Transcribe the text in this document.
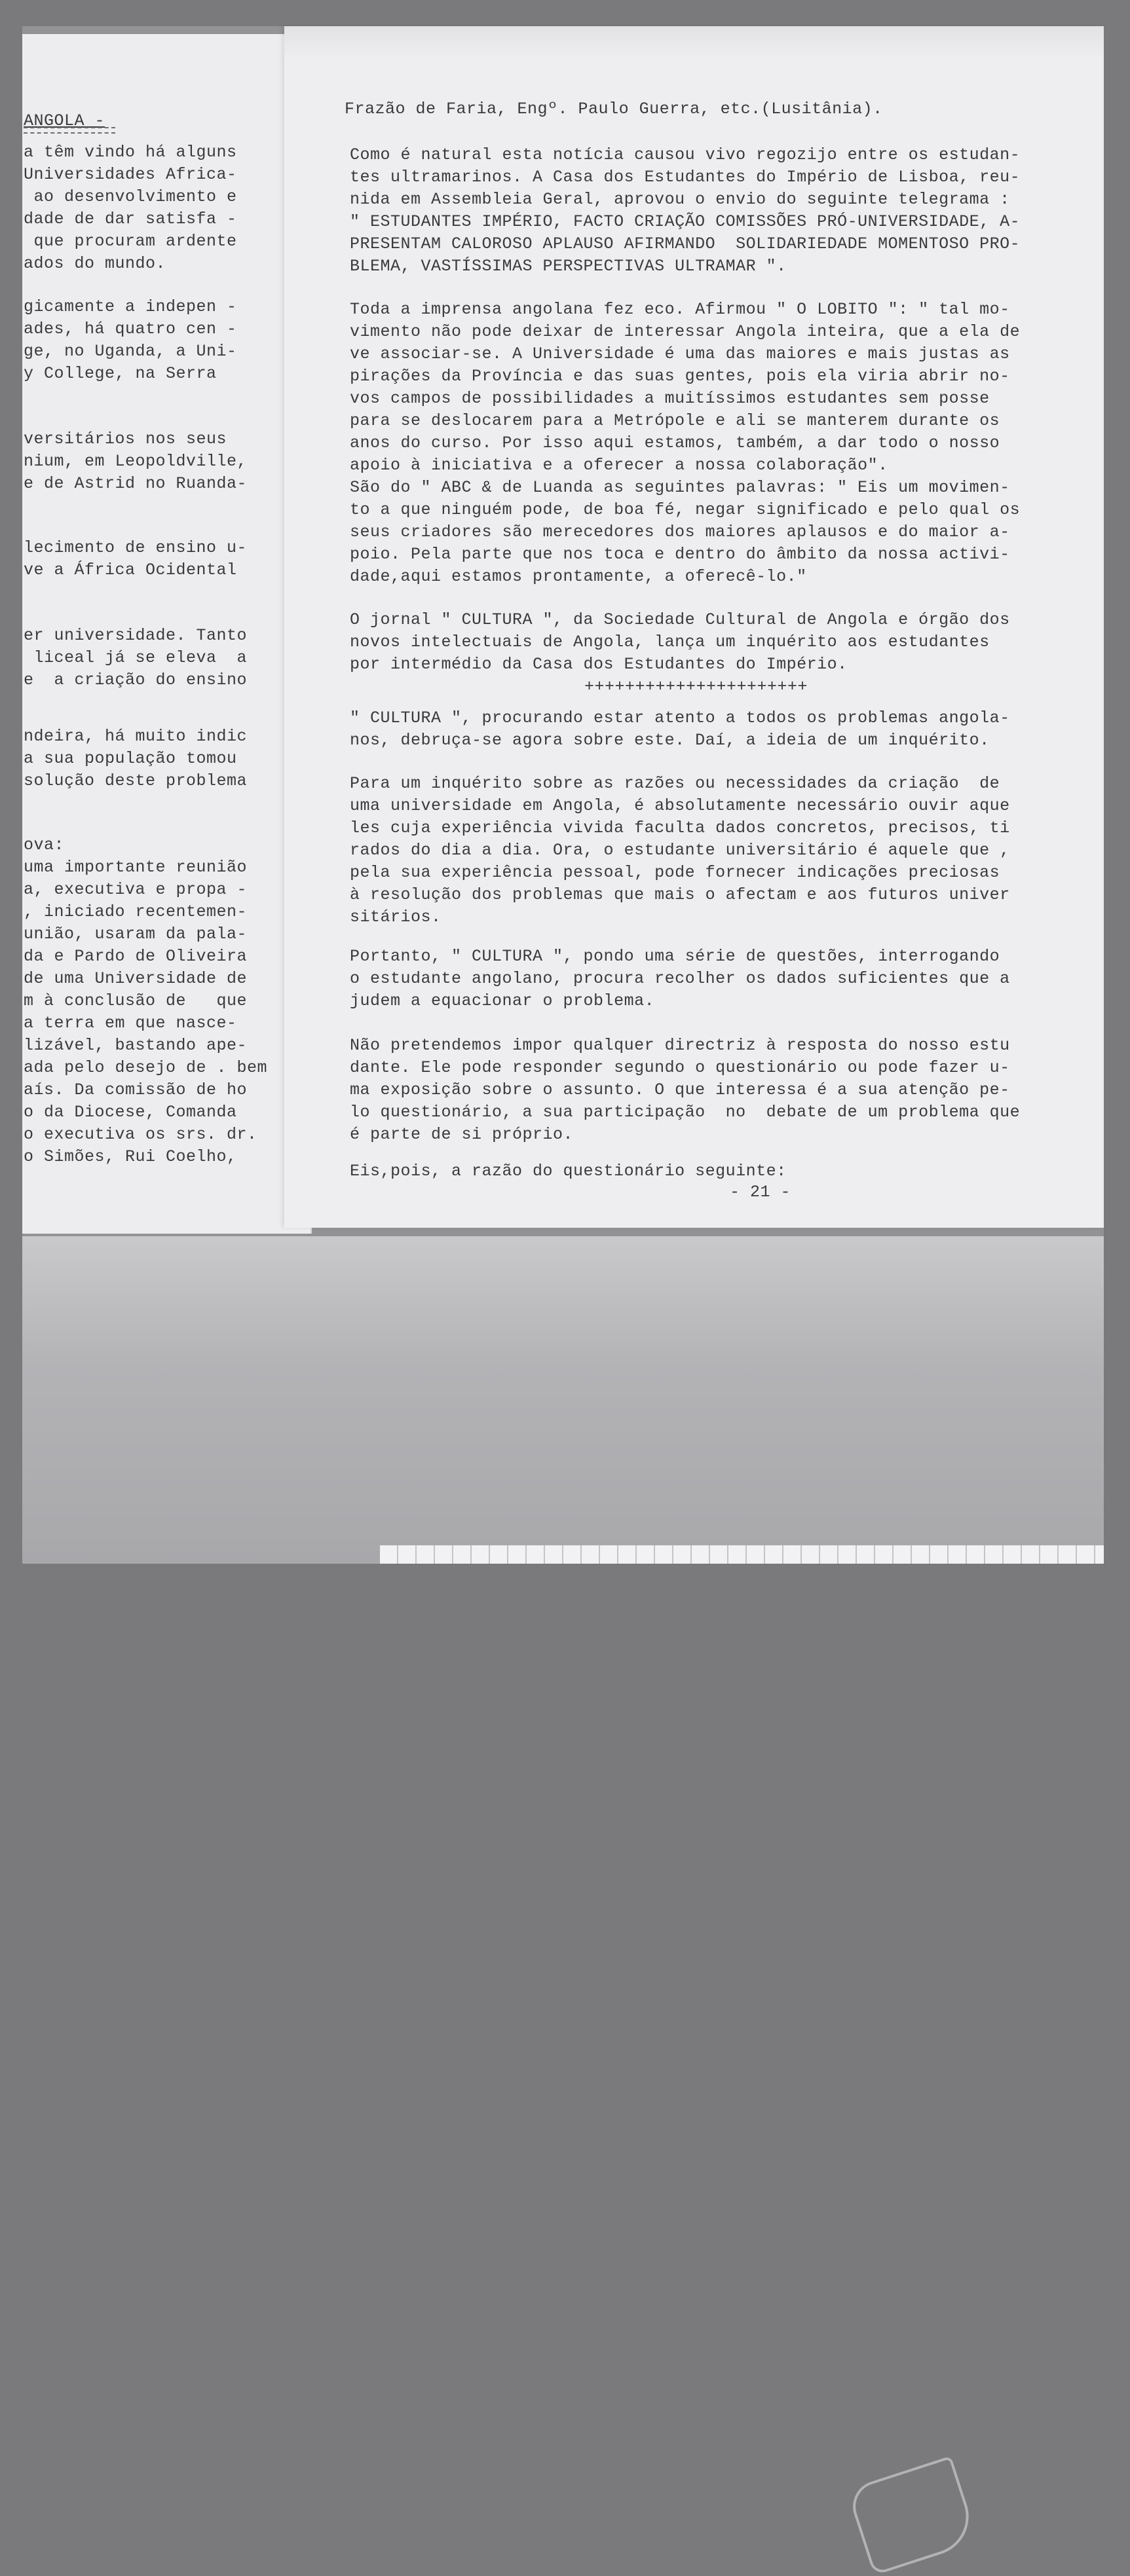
ANGOLA -
a têm vindo há alguns
Universidades Africa-
ao desenvolvimento e
dade de dar satisfa -
que procuram ardente
ados do mundo.
gicamente a indepen -
ades, há quatro cen -
ge, no Uganda, a Uni-
y College, na Serra
versitários nos seus
nium, em Leopoldville,
e de Astrid no Ruanda-
lecimento de ensino u-
ve a África Ocidental
er universidade. Tanto
liceal já se eleva  a
e  a criação do ensino
ndeira, há muito indic
a sua população tomou
solução deste problema
ova:
uma importante reunião
a, executiva e propa -
, iniciado recentemen-
união, usaram da pala-
da e Pardo de Oliveira
de uma Universidade de
m à conclusão de   que
a terra em que nasce-
lizável, bastando ape-
ada pelo desejo de . bem
aís. Da comissão de ho
o da Diocese, Comanda
o executiva os srs. dr.
o Simões, Rui Coelho,
Frazão de Faria, Engº. Paulo Guerra, etc.(Lusitânia).
Como é natural esta notícia causou vivo regozijo entre os estudan-
tes ultramarinos. A Casa dos Estudantes do Império de Lisboa, reu-
nida em Assembleia Geral, aprovou o envio do seguinte telegrama :
" ESTUDANTES IMPÉRIO, FACTO CRIAÇÃO COMISSÕES PRÓ-UNIVERSIDADE, A-
PRESENTAM CALOROSO APLAUSO AFIRMANDO  SOLIDARIEDADE MOMENTOSO PRO-
BLEMA, VASTÍSSIMAS PERSPECTIVAS ULTRAMAR ".
Toda a imprensa angolana fez eco. Afirmou " O LOBITO ": " tal mo-
vimento não pode deixar de interessar Angola inteira, que a ela de
ve associar-se. A Universidade é uma das maiores e mais justas as
pirações da Província e das suas gentes, pois ela viria abrir no-
vos campos de possibilidades a muitíssimos estudantes sem posse
para se deslocarem para a Metrópole e ali se manterem durante os
anos do curso. Por isso aqui estamos, também, a dar todo o nosso
apoio à iniciativa e a oferecer a nossa colaboração".
São do " ABC & de Luanda as seguintes palavras: " Eis um movimen-
to a que ninguém pode, de boa fé, negar significado e pelo qual os
seus criadores são merecedores dos maiores aplausos e do maior a-
poio. Pela parte que nos toca e dentro do âmbito da nossa activi-
dade,aqui estamos prontamente, a oferecê-lo."
O jornal " CULTURA ", da Sociedade Cultural de Angola e órgão dos
novos intelectuais de Angola, lança um inquérito aos estudantes
por intermédio da Casa dos Estudantes do Império.
++++++++++++++++++++++
" CULTURA ", procurando estar atento a todos os problemas angola-
nos, debruça-se agora sobre este. Daí, a ideia de um inquérito.
Para um inquérito sobre as razões ou necessidades da criação  de
uma universidade em Angola, é absolutamente necessário ouvir aque
les cuja experiência vivida faculta dados concretos, precisos, ti
rados do dia a dia. Ora, o estudante universitário é aquele que ,
pela sua experiência pessoal, pode fornecer indicações preciosas
à resolução dos problemas que mais o afectam e aos futuros univer
sitários.
Portanto, " CULTURA ", pondo uma série de questões, interrogando
o estudante angolano, procura recolher os dados suficientes que a
judem a equacionar o problema.
Não pretendemos impor qualquer directriz à resposta do nosso estu
dante. Ele pode responder segundo o questionário ou pode fazer u-
ma exposição sobre o assunto. O que interessa é a sua atenção pe-
lo questionário, a sua participação  no  debate de um problema que
é parte de si próprio.
Eis,pois, a razão do questionário seguinte:
- 21 -
